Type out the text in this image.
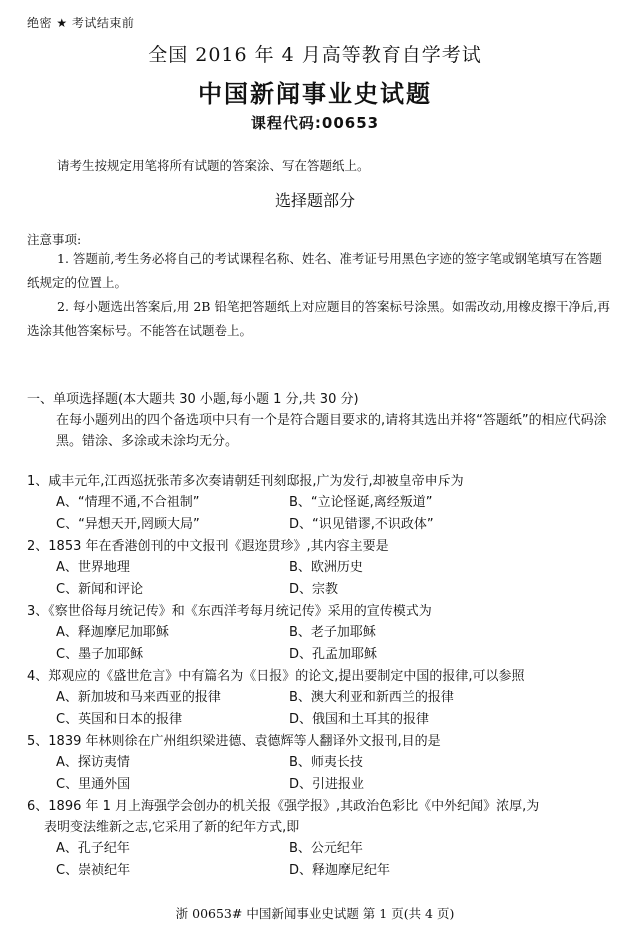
绝密 ★ 考试结束前
全国 2016 年 4 月高等教育自学考试
中国新闻事业史试题
课程代码:00653
请考生按规定用笔将所有试题的答案涂、写在答题纸上。
选择题部分
注意事项:
1. 答题前,考生务必将自己的考试课程名称、姓名、准考证号用黑色字迹的签字笔或钢笔填写在答题纸规定的位置上。
2. 每小题选出答案后,用 2B 铅笔把答题纸上对应题目的答案标号涂黑。如需改动,用橡皮擦干净后,再选涂其他答案标号。不能答在试题卷上。
一、单项选择题(本大题共 30 小题,每小题 1 分,共 30 分)
在每小题列出的四个备选项中只有一个是符合题目要求的,请将其选出并将“答题纸”的相应代码涂黑。错涂、多涂或未涂均无分。
1、咸丰元年,江西巡抚张芾多次奏请朝廷刊刻邸报,广为发行,却被皇帝申斥为
A、“情理不通,不合祖制”	B、“立论怪诞,离经叛道”
C、“异想天开,罔顾大局”	D、“识见错谬,不识政体”
2、1853 年在香港创刊的中文报刊《遐迩贯珍》,其内容主要是
A、世界地理	B、欧洲历史
C、新闻和评论	D、宗教
3、《察世俗每月统记传》和《东西洋考每月统记传》采用的宣传模式为
A、释迦摩尼加耶稣	B、老子加耶稣
C、墨子加耶稣	D、孔孟加耶稣
4、郑观应的《盛世危言》中有篇名为《日报》的论文,提出要制定中国的报律,可以参照
A、新加坡和马来西亚的报律	B、澳大利亚和新西兰的报律
C、英国和日本的报律	D、俄国和土耳其的报律
5、1839 年林则徐在广州组织梁进德、袁德辉等人翻译外文报刊,目的是
A、探访夷情	B、师夷长技
C、里通外国	D、引进报业
6、1896 年 1 月上海强学会创办的机关报《强学报》,其政治色彩比《中外纪闻》浓厚,为
表明变法维新之志,它采用了新的纪年方式,即
A、孔子纪年	B、公元纪年
C、崇祯纪年	D、释迦摩尼纪年
浙 00653# 中国新闻事业史试题 第 1 页(共 4 页)
